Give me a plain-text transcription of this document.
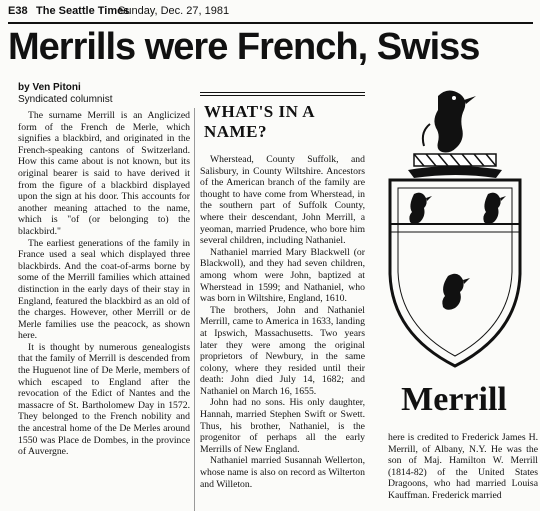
E38 The Seattle Times
Sunday, Dec. 27, 1981
Merrills were French, Swiss
by Ven Pitoni
Syndicated columnist

The surname Merrill is an Anglicized form of the French de Merle, which signifies a blackbird, and originated in the French-speaking cantons of Switzerland. How this came about is not known, but its original bearer is said to have derived it from the figure of a blackbird displayed upon the sign at his door. This accounts for another meaning attached to the name, which is "of (or belonging to) the blackbird."

The earliest generations of the family in France used a seal which displayed three blackbirds. And the coat-of-arms borne by some of the Merrill families which attained distinction in the early days of their stay in England, featured the blackbird as an old of the charges. However, other Merrill or de Merle families use the peacock, as shown here.

It is thought by numerous genealogists that the family of Merrill is descended from the Huguenot line of De Merle, members of which escaped to England after the revocation of the Edict of Nantes and the massacre of St. Bartholomew Day in 1572. They belonged to the French nobility and the ancestral home of the De Merles around 1550 was Place de Dombes, in the province of Auvergne.

WHAT'S IN A NAME?

Wherstead, County Suffolk, and Salisbury, in County Wiltshire. Ancestors of the American branch of the family are thought to have come from Wherstead, in the southern part of Suffolk County, where their descendant, John Merrill, a yeoman, married Prudence, who bore him several children, including Nathaniel.

Nathaniel married Mary Blackwell (or Blackwoll), and they had seven children, among whom were John, baptized at Wherstead in 1599; and Nathaniel, who was born in Wiltshire, England, 1610.

The brothers, John and Nathaniel Merrill, came to America in 1633, landing at Ipswich, Massachusetts. Two years later they were among the original proprietors of Newbury, in the same colony, where they resided until their death: John died July 14, 1682; and Nathaniel on March 16, 1655.

John had no sons. His only daughter, Hannah, married Stephen Swift or Swett. Thus, his brother, Nathaniel, is the progenitor of perhaps all the early Merrills of New England.

Nathaniel married Susannah Wellerton, whose name is also on record as Wilterton and Willeton.

Merrill

here is credited to Frederick James H. Merrill, of Albany, N.Y. He was the son of Maj. Hamilton W. Merrill (1814-82) of the United States Dragoons, who had married Louisa Kauffman. Frederick married
